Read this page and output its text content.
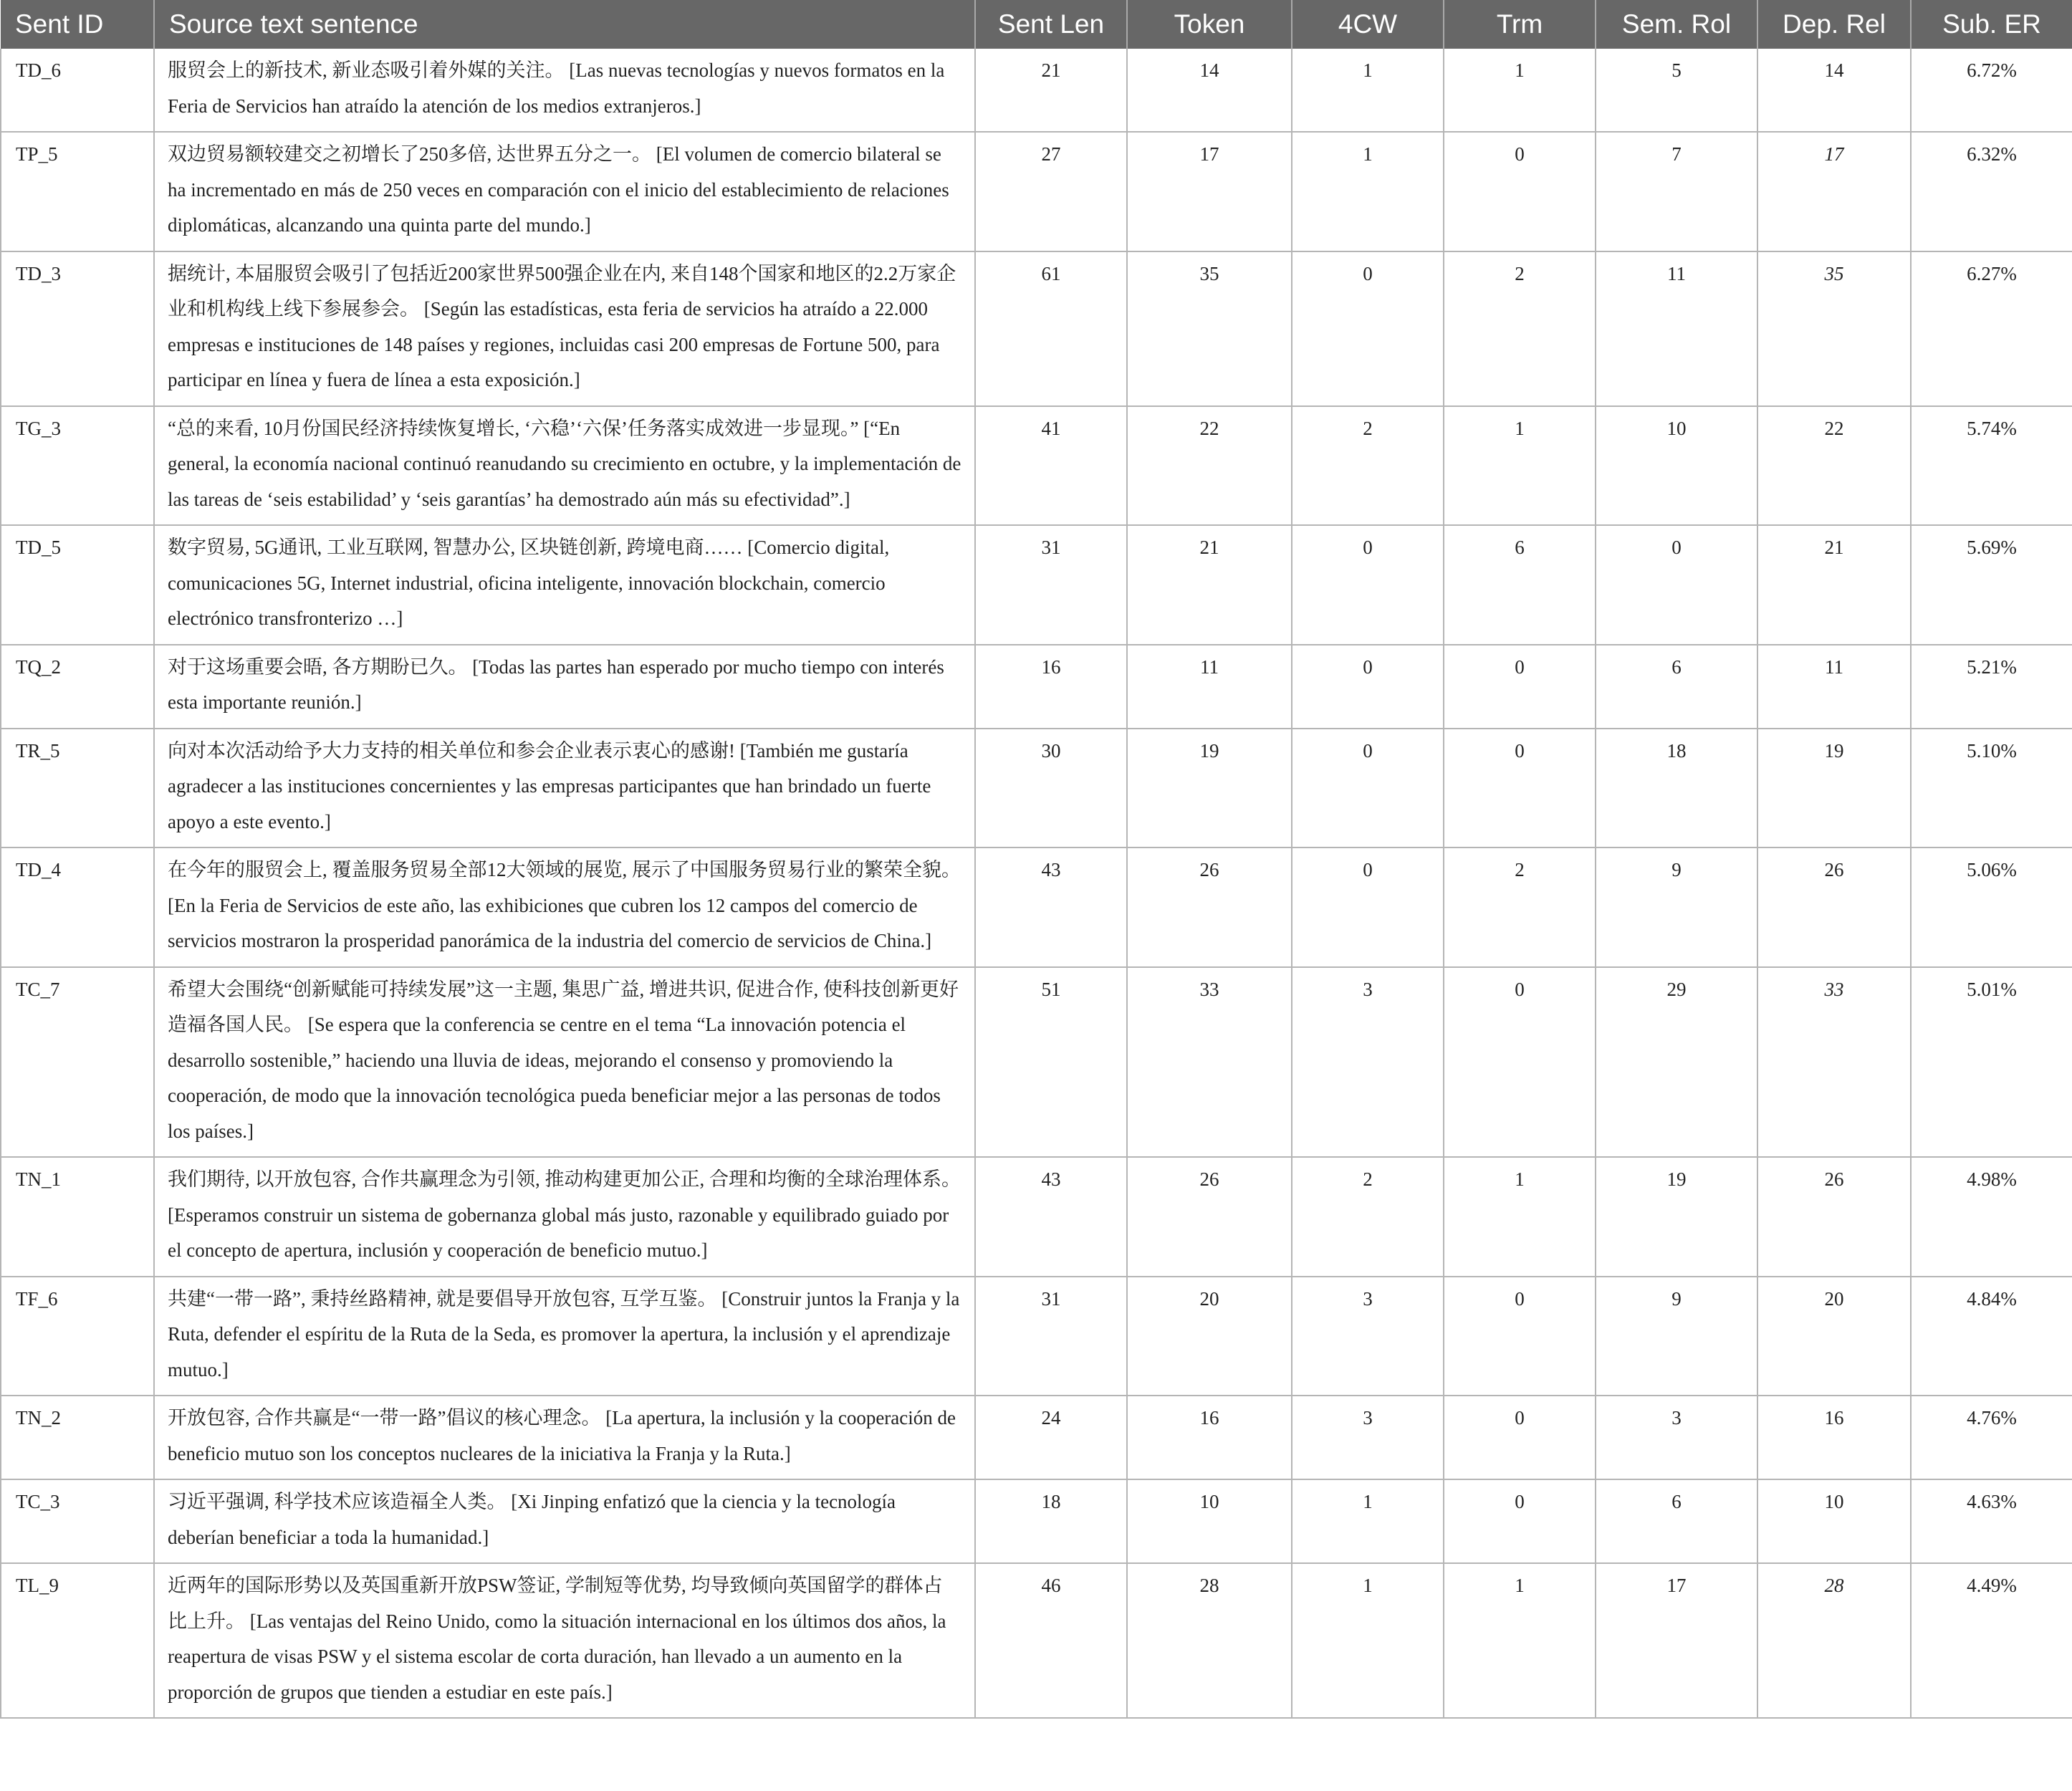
Sent ID	Source text sentence	Sent Len	Token	4CW	Trm	Sem. Rol	Dep. Rel	Sub. ER
TD_6	服贸会上的新技术, 新业态吸引着外媒的关注。 [Las nuevas tecnologías y nuevos formatos en la Feria de Servicios han atraído la atención de los medios extranjeros.]	21	14	1	1	5	14	6.72%
TP_5	双边贸易额较建交之初增长了250多倍, 达世界五分之一。 [El volumen de comercio bilateral se ha incrementado en más de 250 veces en comparación con el inicio del establecimiento de relaciones diplomáticas, alcanzando una quinta parte del mundo.]	27	17	1	0	7	17	6.32%
TD_3	据统计, 本届服贸会吸引了包括近200家世界500强企业在内, 来自148个国家和地区的2.2万家企业和机构线上线下参展参会。 [Según las estadísticas, esta feria de servicios ha atraído a 22.000 empresas e instituciones de 148 países y regiones, incluidas casi 200 empresas de Fortune 500, para participar en línea y fuera de línea a esta exposición.]	61	35	0	2	11	35	6.27%
TG_3	“总的来看, 10月份国民经济持续恢复增长, ‘六稳’‘六保’任务落实成效进一步显现。” [“En general, la economía nacional continuó reanudando su crecimiento en octubre, y la implementación de las tareas de ‘seis estabilidad’ y ‘seis garantías’ ha demostrado aún más su efectividad”.]	41	22	2	1	10	22	5.74%
TD_5	数字贸易, 5G通讯, 工业互联网, 智慧办公, 区块链创新, 跨境电商…… [Comercio digital, comunicaciones 5G, Internet industrial, oficina inteligente, innovación blockchain, comercio electrónico transfronterizo …]	31	21	0	6	0	21	5.69%
TQ_2	对于这场重要会晤, 各方期盼已久。 [Todas las partes han esperado por mucho tiempo con interés esta importante reunión.]	16	11	0	0	6	11	5.21%
TR_5	向对本次活动给予大力支持的相关单位和参会企业表示衷心的感谢! [También me gustaría agradecer a las instituciones concernientes y las empresas participantes que han brindado un fuerte apoyo a este evento.]	30	19	0	0	18	19	5.10%
TD_4	在今年的服贸会上, 覆盖服务贸易全部12大领域的展览, 展示了中国服务贸易行业的繁荣全貌。 [En la Feria de Servicios de este año, las exhibiciones que cubren los 12 campos del comercio de servicios mostraron la prosperidad panorámica de la industria del comercio de servicios de China.]	43	26	0	2	9	26	5.06%
TC_7	希望大会围绕“创新赋能可持续发展”这一主题, 集思广益, 增进共识, 促进合作, 使科技创新更好造福各国人民。 [Se espera que la conferencia se centre en el tema “La innovación potencia el desarrollo sostenible,” haciendo una lluvia de ideas, mejorando el consenso y promoviendo la cooperación, de modo que la innovación tecnológica pueda beneficiar mejor a las personas de todos los países.]	51	33	3	0	29	33	5.01%
TN_1	我们期待, 以开放包容, 合作共赢理念为引领, 推动构建更加公正, 合理和均衡的全球治理体系。 [Esperamos construir un sistema de gobernanza global más justo, razonable y equilibrado guiado por el concepto de apertura, inclusión y cooperación de beneficio mutuo.]	43	26	2	1	19	26	4.98%
TF_6	共建“一带一路”, 秉持丝路精神, 就是要倡导开放包容, 互学互鉴。 [Construir juntos la Franja y la Ruta, defender el espíritu de la Ruta de la Seda, es promover la apertura, la inclusión y el aprendizaje mutuo.]	31	20	3	0	9	20	4.84%
TN_2	开放包容, 合作共赢是“一带一路”倡议的核心理念。 [La apertura, la inclusión y la cooperación de beneficio mutuo son los conceptos nucleares de la iniciativa la Franja y la Ruta.]	24	16	3	0	3	16	4.76%
TC_3	习近平强调, 科学技术应该造福全人类。 [Xi Jinping enfatizó que la ciencia y la tecnología deberían beneficiar a toda la humanidad.]	18	10	1	0	6	10	4.63%
TL_9	近两年的国际形势以及英国重新开放PSW签证, 学制短等优势, 均导致倾向英国留学的群体占比上升。 [Las ventajas del Reino Unido, como la situación internacional en los últimos dos años, la reapertura de visas PSW y el sistema escolar de corta duración, han llevado a un aumento en la proporción de grupos que tienden a estudiar en este país.]	46	28	1	1	17	28	4.49%
